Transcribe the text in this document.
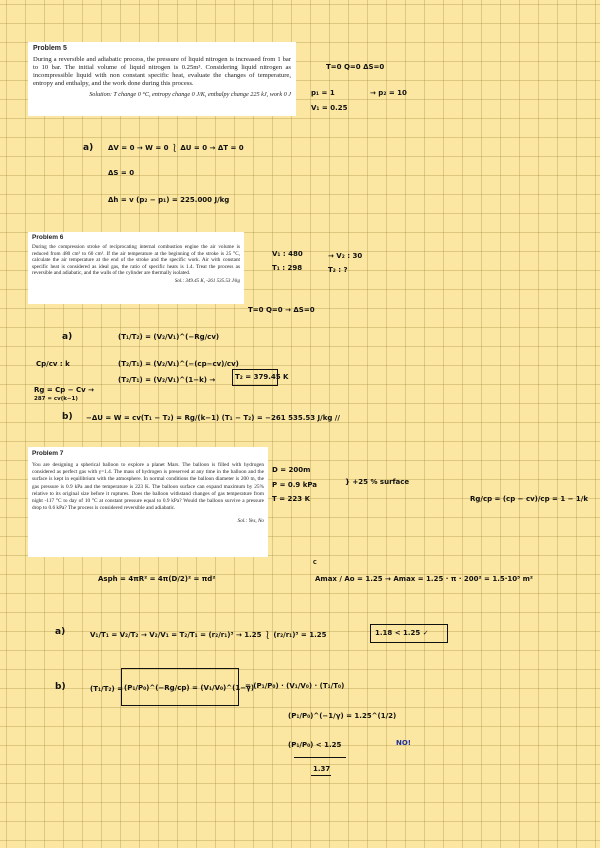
Problem 5
During a reversible and adiabatic process, the pressure of liquid nitrogen is increased from 1 bar to 10 bar. The initial volume of liquid nitrogen is 0.25m³. Considering liquid nitrogen as incompressible liquid with non constant specific heat, evaluate the changes of temperature, entropy and enthalpy, and the work done during this process.
Solution: T change 0 °C, entropy change 0 J/K, enthalpy change 225 kJ, work 0 J
T=0 Q=0 ΔS=0
p₁ = 1	→ p₂ = 10
V₁ = 0.25
a) ΔV = 0 → W = 0 ⎱ ΔU = 0 → ΔT = 0
ΔS = 0
Δh = v (p₂ − p₁) = 225.000 J/kg
Problem 6
During the compression stroke of reciprocating internal combustion engine the air volume is reduced from 480 cm³ to 60 cm³. If the air temperature at the beginning of the stroke is 25 °C, calculate the air temperature at the end of the stroke and the specific work. Air with constant specific heat is considered as ideal gas, the ratio of specific heats is 1.4. Treat the process as reversible and adiabatic, and the walls of the cylinder are thermally isolated.
Sol.: 349.45 K, -261 535.53 J/kg
V₁ : 480
T₁ : 298
→ V₂ : 30
T₂ : ?
T=0 Q=0 → ΔS=0
a)	(T₁/T₂) = (V₂/V₁)^(−Rg/cv)
Cp/cv : k	(T₂/T₁) = (V₂/V₁)^(−(cp−cv)/cv)
(T₂/T₁) = (V₂/V₁)^(1−k) →	T₂ = 379.45 K
Rg = Cp − Cv →
287 = cv(k−1)
b) −ΔU = W = cv(T₁ − T₂) = Rg/(k−1) (T₁ − T₂) = −261 535.53 J/kg //
Problem 7
You are designing a spherical balloon to explore a planet Mars. The balloon is filled with hydrogen considered as perfect gas with γ=1.4. The mass of hydrogen is preserved at any time in the balloon and the surface is kept in equilibrium with the atmosphere. In normal conditions the balloon diameter is 200 m, the gas pressure is 0.9 kPa and the temperature is 223 K. The balloon surface can expand maximum by 25% relative to its original size before it ruptures. Does the balloon withstand changes of gas temperature from night -117 °C to day of 10 °C at constant pressure equal to 0.9 kPa? Would the balloon survive a pressure drop to 0.6 kPa? The process is considered reversible and adiabatic.
Sol.: Yes, No
D = 200m
P = 0.9 kPa
T = 223 K
} +25 % surface
Rg/cp = (cp − cv)/cp = 1 − 1/k
C
Asph = 4πR² = 4π(D/2)² = πd²	Amax / Ao = 1.25 → Amax = 1.25 · π · 200² = 1.5·10⁵ m²
a)	V₁/T₁ = V₂/T₂ → V₂/V₁ = T₂/T₁ = (r₂/r₁)³ → 1.25 ⎱ (r₂/r₁)³ = 1.25	1.18 < 1.25 ✓
b)	(T₁/T₂) = (P₁/P₀)^(−Rg/cp) = (V₁/V₀)^(1−γ)
= (P₁/P₀) · (V₁/V₀) · (T₁/T₀)
(P₁/P₀)^(−1/γ) = 1.25^(1/2)
(P₁/P₀) < 1.25	NO!
1.37
